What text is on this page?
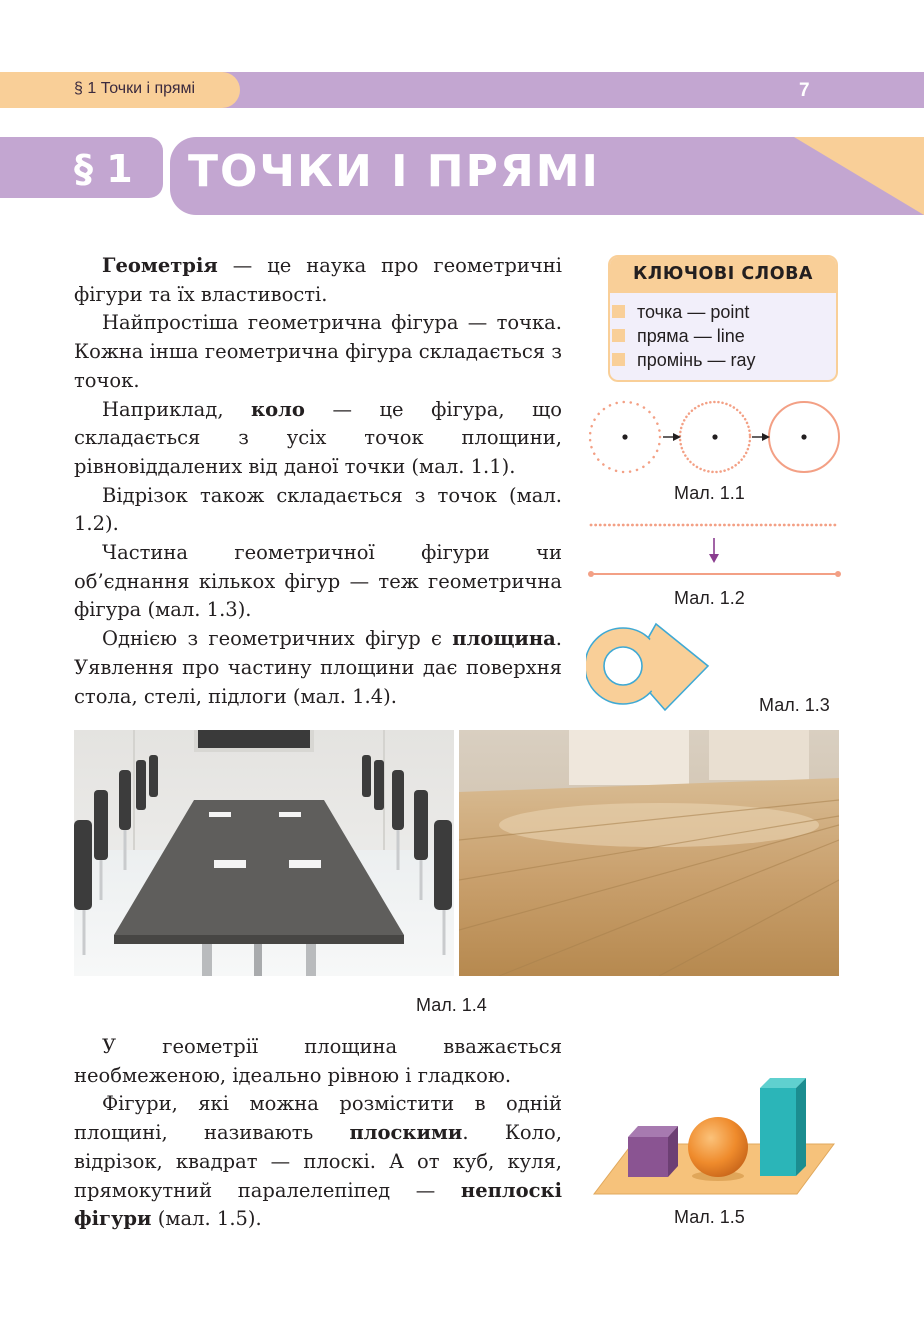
§ 1 Точки і прямі	7
§ 1 ТОЧКИ І ПРЯМІ

Геометрія — це наука про геометричні фігури та їх властивості.

Найпростіша геометрична фігура — точка. Кожна інша геометрична фігура складається з точок.

Наприклад, коло — це фігура, що складається з усіх точок площини, рівновіддалених від даної точки (мал. 1.1).

Відрізок також складається з точок (мал. 1.2).

Частина геометричної фігури чи об’єднання кількох фігур — теж геометрична фігура (мал. 1.3).

Однією з геометричних фігур є площина. Уявлення про частину площини дає поверхня стола, стелі, підлоги (мал. 1.4).

КЛЮЧОВІ СЛОВА
точка — point
пряма — line
промінь — ray
Мал. 1.1
Мал. 1.2
Мал. 1.3
Мал. 1.4

У геометрії площина вважається необмеженою, ідеально рівною і гладкою.

Фігури, які можна розмістити в одній площині, називають плоскими. Коло, відрізок, квадрат — плоскі. А от куб, куля, прямокутний паралелепіпед — неплоскі фігури (мал. 1.5).	Мал. 1.5
